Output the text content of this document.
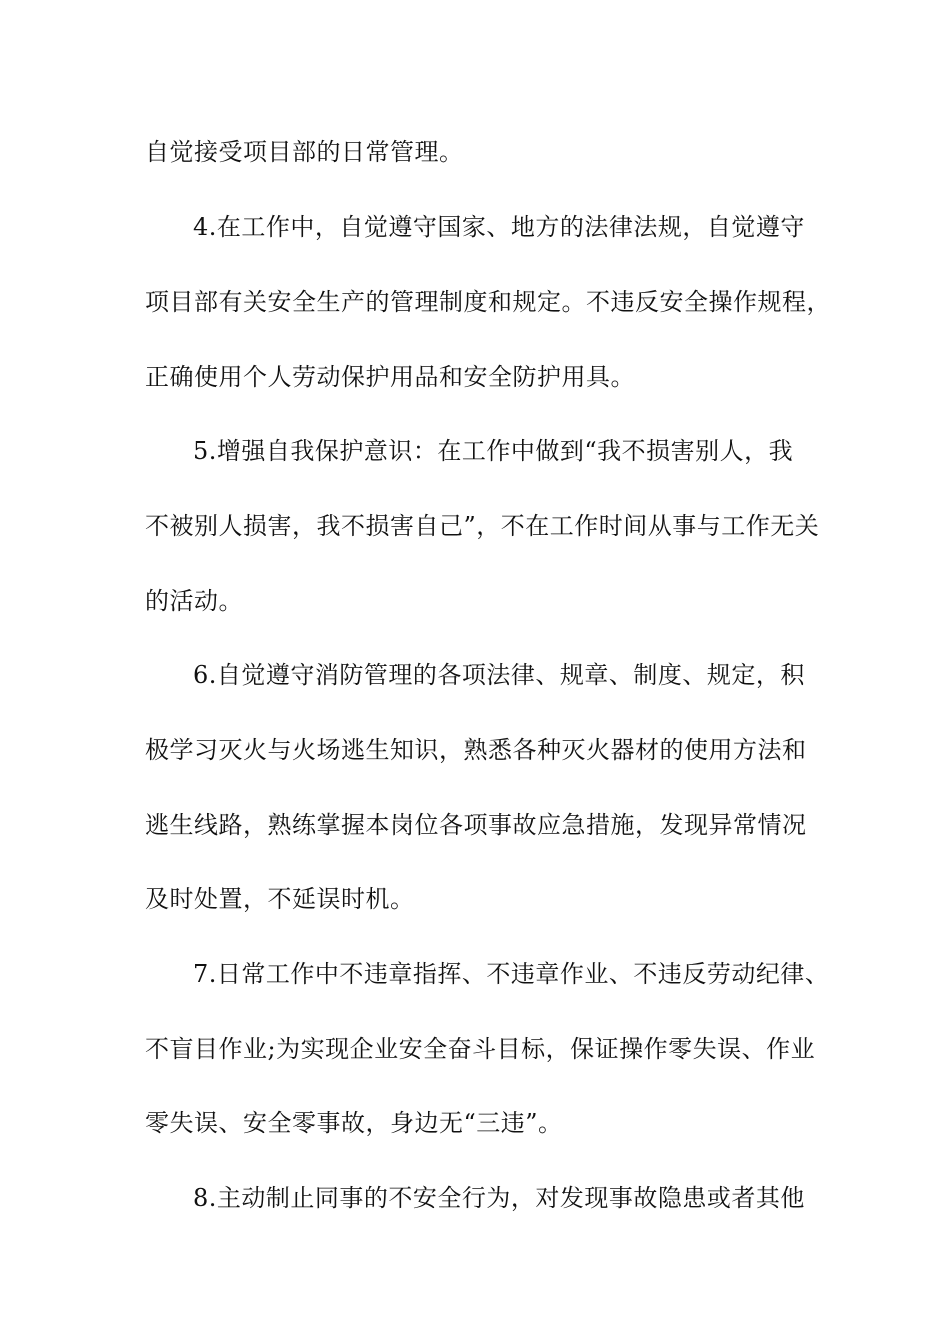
自觉接受项目部的日常管理。
4.在工作中，自觉遵守国家、地方的法律法规，自觉遵守
项目部有关安全生产的管理制度和规定。不违反安全操作规程，
正确使用个人劳动保护用品和安全防护用具。
5.增强自我保护意识：在工作中做到“我不损害别人，我
不被别人损害，我不损害自己”，不在工作时间从事与工作无关
的活动。
6.自觉遵守消防管理的各项法律、规章、制度、规定，积
极学习灭火与火场逃生知识，熟悉各种灭火器材的使用方法和
逃生线路，熟练掌握本岗位各项事故应急措施，发现异常情况
及时处置，不延误时机。
7.日常工作中不违章指挥、不违章作业、不违反劳动纪律、
不盲目作业;为实现企业安全奋斗目标，保证操作零失误、作业
零失误、安全零事故，身边无“三违”。
8.主动制止同事的不安全行为，对发现事故隐患或者其他
